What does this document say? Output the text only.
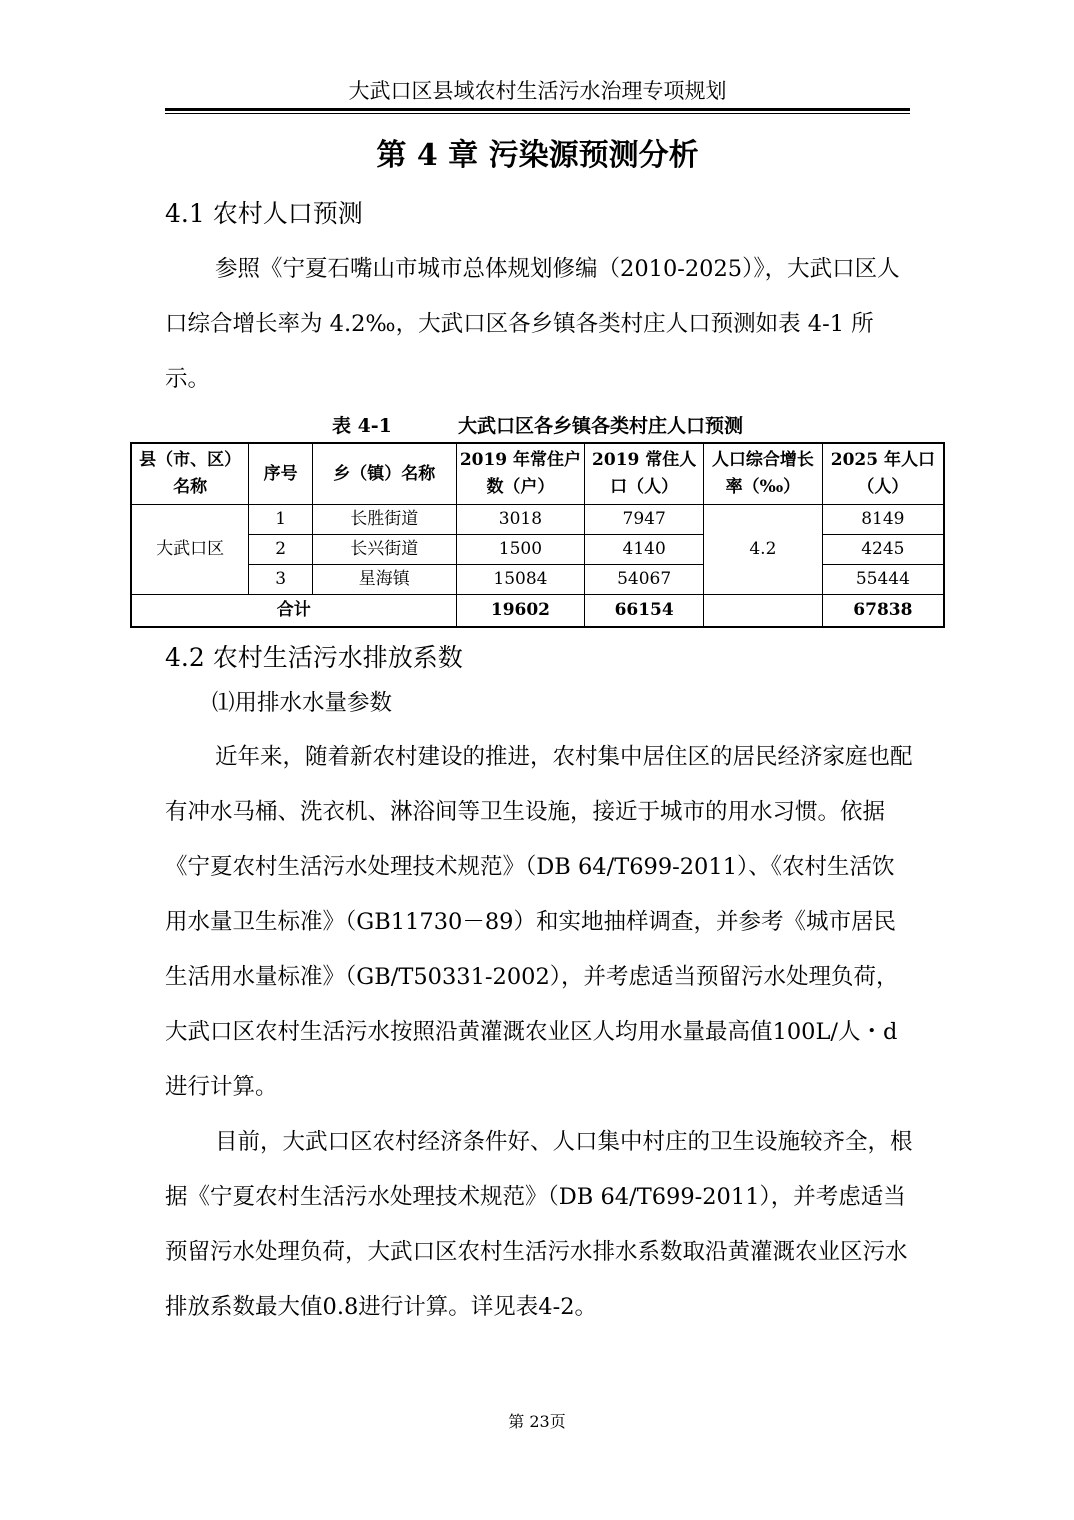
大武口区县域农村生活污水治理专项规划
第 4 章 污染源预测分析
4.1 农村人口预测

参照《宁夏石嘴山市城市总体规划修编（2010-2025）》，大武口区人口综合增长率为 4.2‰，大武口区各乡镇各类村庄人口预测如表 4-1 所示。

表 4-1          大武口区各乡镇各类村庄人口预测
县（市、区）名称	序号	乡（镇）名称	2019 年常住户数（户）	2019 常住人口（人）	人口综合增长率（‰）	2025 年人口（人）
大武口区	1	长胜街道	3018	7947	4.2	8149
	2	长兴街道	1500	4140		4245
	3	星海镇	15084	54067		55444
合计			19602	66154		67838
4.2 农村生活污水排放系数
⑴用排水水量参数

近年来，随着新农村建设的推进，农村集中居住区的居民经济家庭也配有冲水马桶、洗衣机、淋浴间等卫生设施，接近于城市的用水习惯。依据《宁夏农村生活污水处理技术规范》（DB 64/T699-2011）、《农村生活饮用水量卫生标准》（GB11730－89）和实地抽样调查，并参考《城市居民生活用水量标准》（GB/T50331-2002），并考虑适当预留污水处理负荷，大武口区农村生活污水按照沿黄灌溉农业区人均用水量最高值100L/人・d进行计算。

目前，大武口区农村经济条件好、人口集中村庄的卫生设施较齐全，根据《宁夏农村生活污水处理技术规范》（DB 64/T699-2011），并考虑适当预留污水处理负荷，大武口区农村生活污水排水系数取沿黄灌溉农业区污水排放系数最大值0.8进行计算。详见表4-2。

第 23页
